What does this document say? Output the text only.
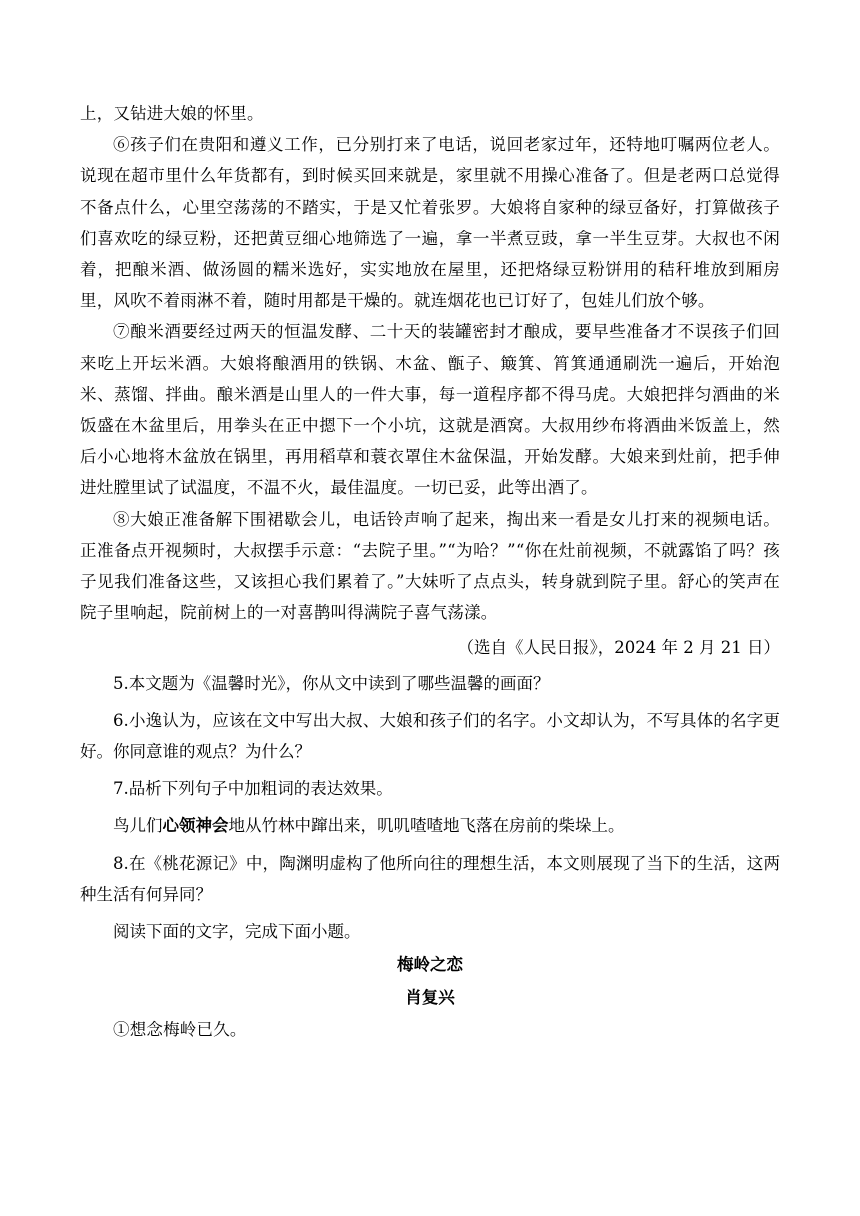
上，又钻进大娘的怀里。

⑥孩子们在贵阳和遵义工作，已分别打来了电话，说回老家过年，还特地叮嘱两位老人。说现在超市里什么年货都有，到时候买回来就是，家里就不用操心准备了。但是老两口总觉得不备点什么，心里空荡荡的不踏实，于是又忙着张罗。大娘将自家种的绿豆备好，打算做孩子们喜欢吃的绿豆粉，还把黄豆细心地筛选了一遍，拿一半煮豆豉，拿一半生豆芽。大叔也不闲着，把酿米酒、做汤圆的糯米选好，实实地放在屋里，还把烙绿豆粉饼用的秸秆堆放到厢房里，风吹不着雨淋不着，随时用都是干燥的。就连烟花也已订好了，包娃儿们放个够。

⑦酿米酒要经过两天的恒温发酵、二十天的装罐密封才酿成，要早些准备才不误孩子们回来吃上开坛米酒。大娘将酿酒用的铁锅、木盆、甑子、簸箕、筲箕通通刷洗一遍后，开始泡米、蒸馏、拌曲。酿米酒是山里人的一件大事，每一道程序都不得马虎。大娘把拌匀酒曲的米饭盛在木盆里后，用拳头在正中摁下一个小坑，这就是酒窝。大叔用纱布将酒曲米饭盖上，然后小心地将木盆放在锅里，再用稻草和蓑衣罩住木盆保温，开始发酵。大娘来到灶前，把手伸进灶膛里试了试温度，不温不火，最佳温度。一切已妥，此等出酒了。

⑧大娘正准备解下围裙歇会儿，电话铃声响了起来，掏出来一看是女儿打来的视频电话。正准备点开视频时，大叔摆手示意：“去院子里。”“为哈？”“你在灶前视频，不就露馅了吗？孩子见我们准备这些，又该担心我们累着了。”大妹听了点点头，转身就到院子里。舒心的笑声在院子里响起，院前树上的一对喜鹊叫得满院子喜气荡漾。

（选自《人民日报》，2024 年 2 月 21 日）

5.本文题为《温馨时光》，你从文中读到了哪些温馨的画面？

6.小逸认为，应该在文中写出大叔、大娘和孩子们的名字。小文却认为，不写具体的名字更好。你同意谁的观点？为什么？

7.品析下列句子中加粗词的表达效果。

鸟儿们心领神会地从竹林中蹿出来，叽叽喳喳地飞落在房前的柴垛上。

8.在《桃花源记》中，陶渊明虚构了他所向往的理想生活，本文则展现了当下的生活，这两种生活有何异同？

阅读下面的文字，完成下面小题。

梅岭之恋

肖复兴

①想念梅岭已久。
